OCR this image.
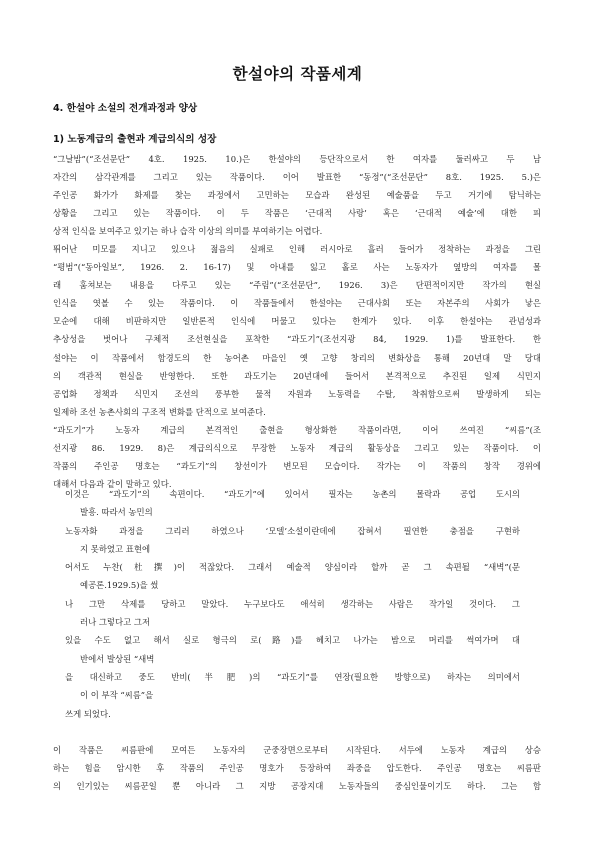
한설야의 작품세계
4. 한설야 소설의 전개과정과 양상
1) 노동계급의 출현과 계급의식의 성장
“그날밤”(“조선문단” 4호. 1925. 10.)은 한설야의 등단작으로서 한 여자를 둘러싸고 두 남
자간의 삼각관계를 그리고 있는 작품이다. 이어 발표한 “동정”(“조선문단” 8호. 1925. 5.)은
주인공 화가가 화제를 찾는 과정에서 고민하는 모습과 완성된 예술품을 두고 거기에 탐닉하는
상황을 그리고 있는 작품이다. 이 두 작품은 ‘근대적 사랑’ 혹은 ‘근대적 예술’에 대한 피
상적 인식을 보여주고 있기는 하나 습작 이상의 의미를 부여하기는 어렵다.
뛰어난 미모를 지니고 있으나 젊음의 실패로 인해 러시아로 흘러 들어가 정착하는 과정을 그린
“평범”(“동아일보”, 1926. 2. 16-17) 및 아내를 잃고 홀로 사는 노동자가 옆방의 여자를 몰
래 훔쳐보는 내용을 다루고 있는 “주림”(“조선문단”, 1926. 3)은 단편적이지만 작가의 현실
인식을 엿볼 수 있는 작품이다. 이 작품들에서 한설야는 근대사회 또는 자본주의 사회가 낳은
모순에 대해 비판하지만 일반론적 인식에 머물고 있다는 한계가 있다. 이후 한설야는 관념성과
추상성을 벗어나 구체적 조선현실을 포착한 “과도기”(조선지광 84, 1929. 1)를 발표한다. 한
설야는 이 작품에서 함경도의 한 농어촌 마을인 옛 고향 창리의 변화상을 통해 20년대 말 당대
의 객관적 현실을 반영한다. 또한 과도기는 20년대에 들어서 본격적으로 추진된 일제 식민지
공업화 정책과 식민지 조선의 풍부한 물적 자원과 노동력을 수탈, 착취함으로써 발생하게 되는
일제하 조선 농촌사회의 구조적 변화를 단적으로 보여준다.
“과도기”가 노동자 계급의 본격적인 출현을 형상화한 작품이라면, 이어 쓰여진 “씨름”(조
선지광 86. 1929. 8)은 계급의식으로 무장한 노동자 계급의 활동상을 그리고 있는 작품이다. 이
작품의 주인공 명호는 “과도기”의 창선이가 변모된 모습이다. 작가는 이 작품의 창작 경위에
대해서 다음과 같이 말하고 있다.
이것은 “과도기”의 속편이다. “과도기”에 있어서 필자는 농촌의 몰락과 공업 도시의
발흥. 따라서 농민의
노동자화 과정을 그리러 하였으나 ‘모델’소설이란데에 잡혀서 필연한 충점을 구현하
지 못하였고 표현에
어서도 누찬(杜撰)이 적잖았다. 그래서 예술적 양심이라 할까 곧 그 속편될 “새벽”(문
예공론.1929.5)을 썼
나 그만 삭제를 당하고 말았다. 누구보다도 애석히 생각하는 사람은 작가일 것이다. 그
러나 그렇다고 그저
있을 수도 없고 해서 실로 형극의 로(路)를 헤치고 나가는 밤으로 머리를 썩여가며 대
반에서 발상된 “새벽
을 대신하고 중도 반비(半肥)의 “과도기”를 연장(필요한 방향으로) 하자는 의미에서
이 이 부작 “씨름”을
쓰게 되었다.
이 작품은 씨름판에 모여든 노동자의 군중장면으로부터 시작된다. 서두에 노동자 계급의 상승
하는 힘을 암시한 후 작품의 주인공 명호가 등장하여 좌중을 압도한다. 주인공 명호는 씨름판
의 인기있는 씨름꾼일 뿐 아니라 그 지방 공장지대 노동자들의 중심인물이기도 하다. 그는 함
